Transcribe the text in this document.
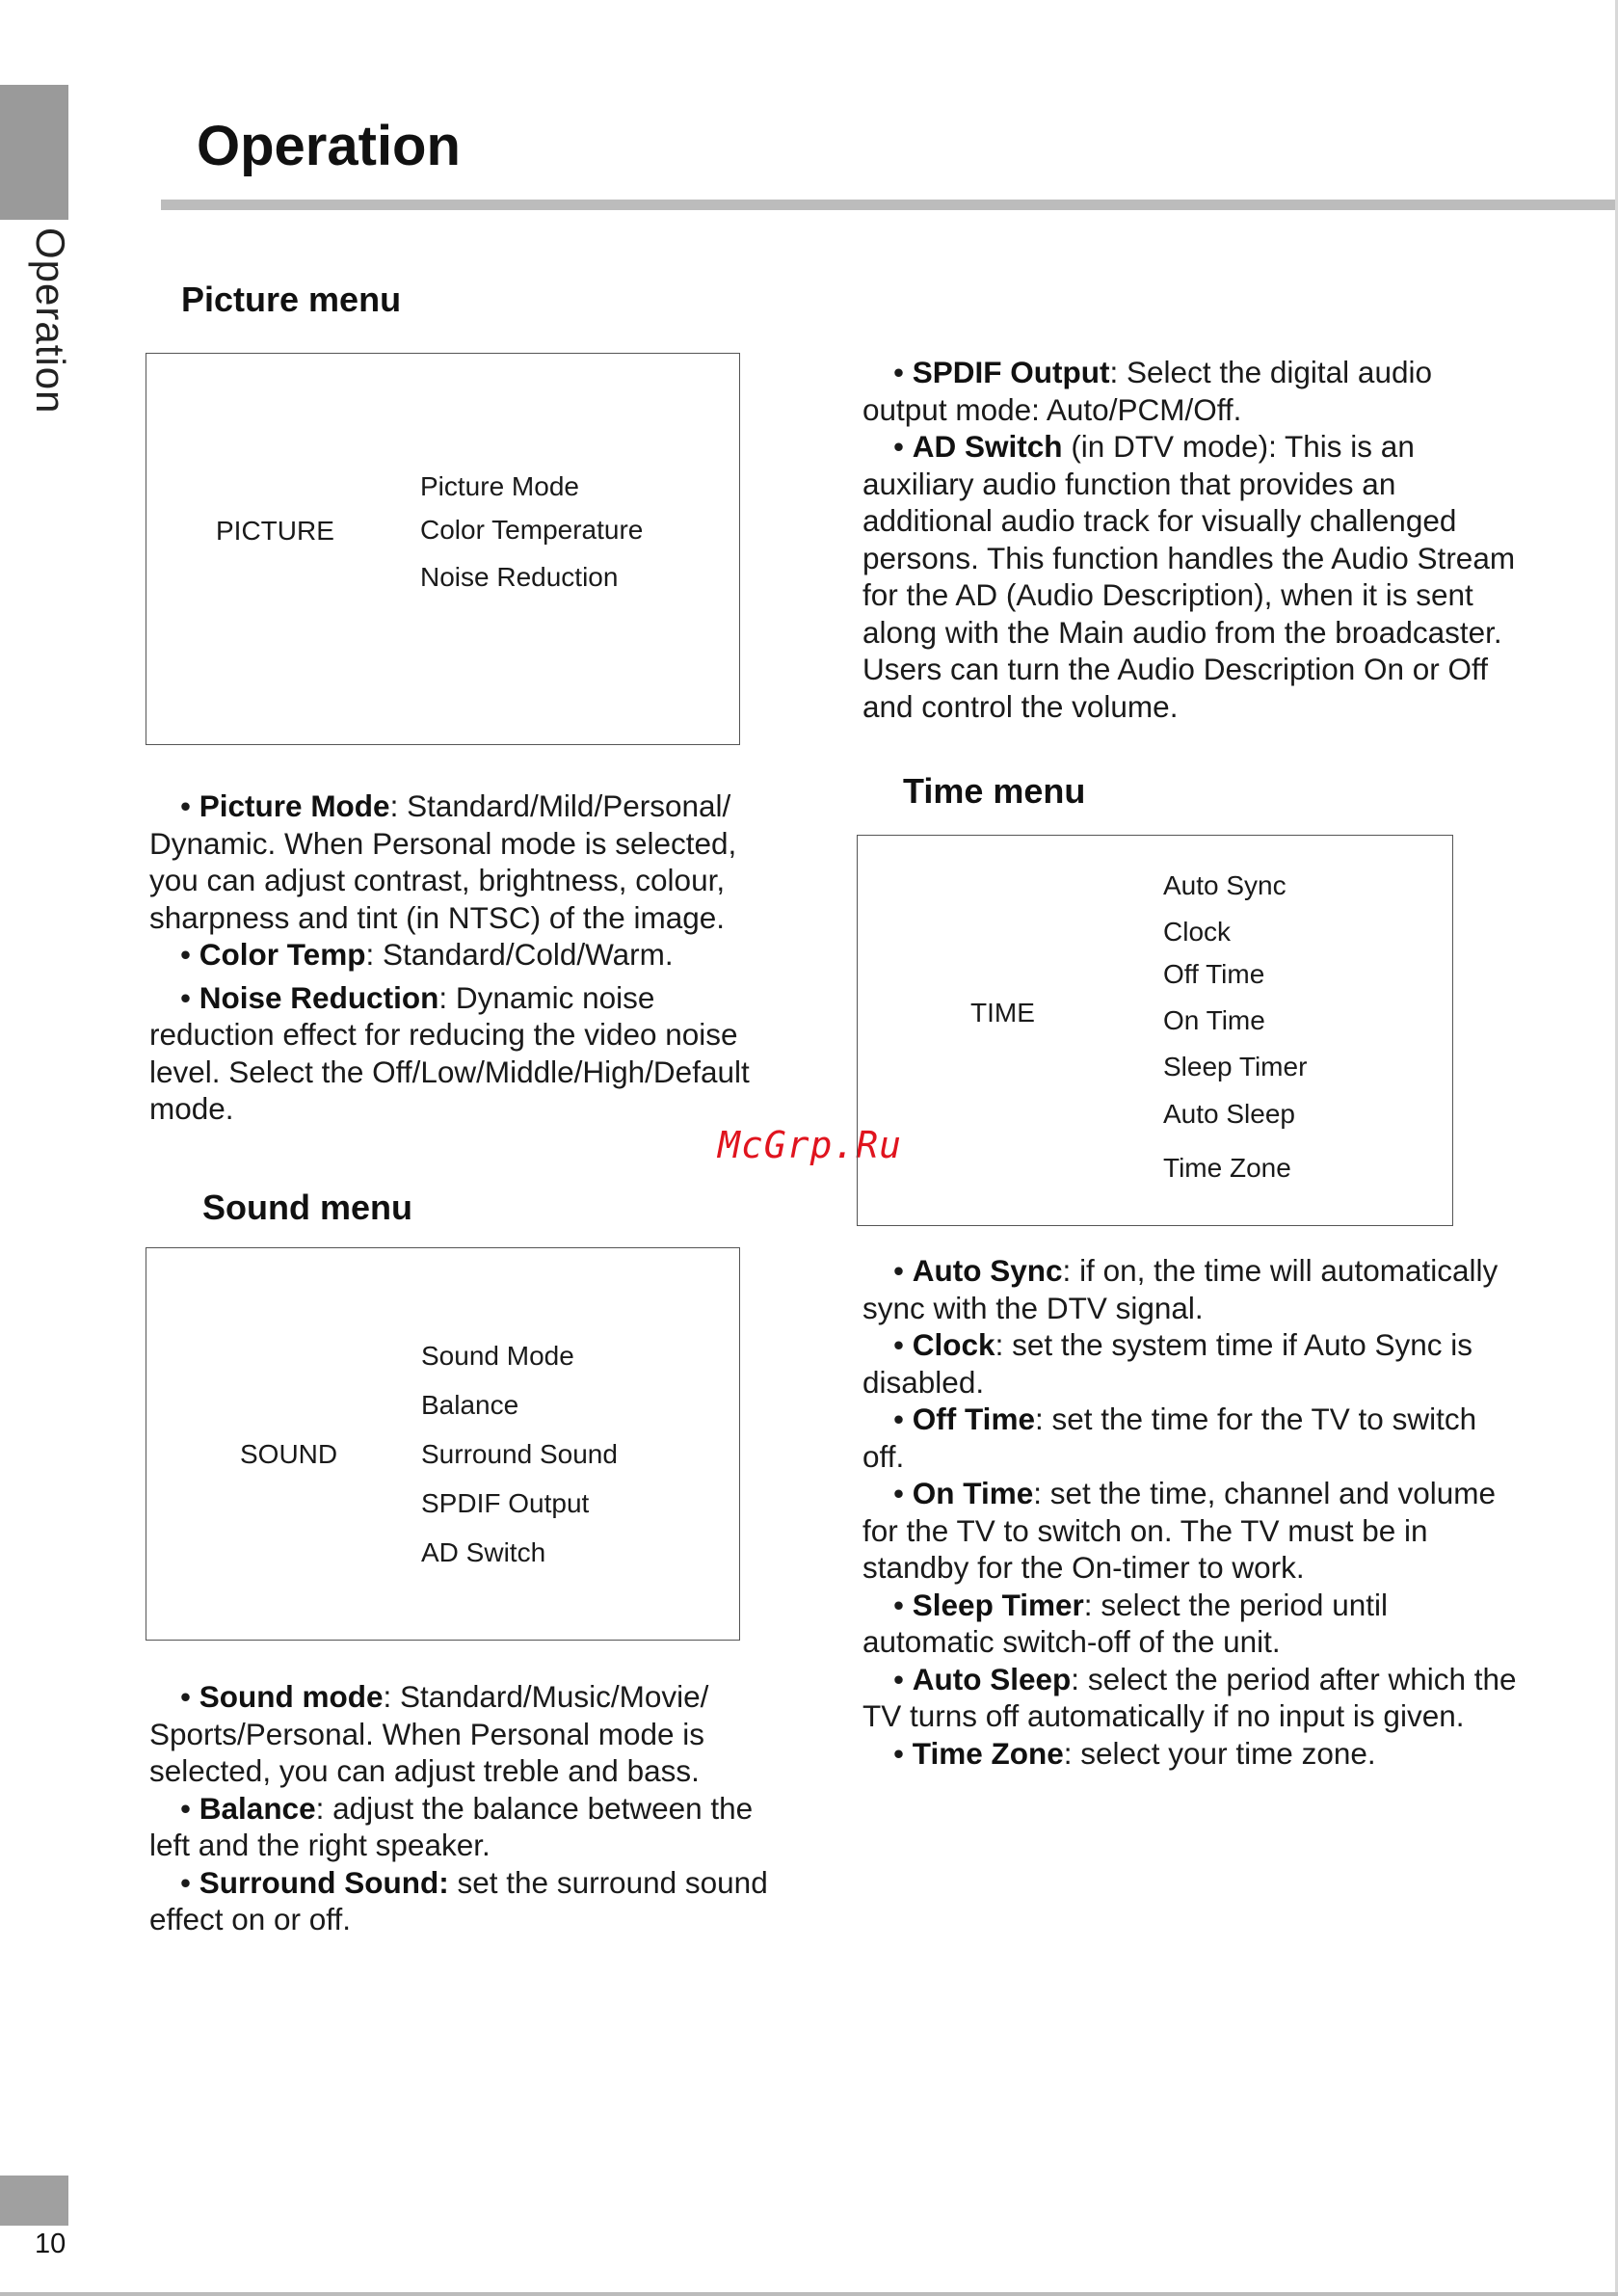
Operation
Operation
10
McGrp.Ru
Picture menu
PICTURE
Picture Mode
Color Temperature
Noise Reduction

• Picture Mode: Standard/Mild/Personal/ Dynamic. When Personal mode is selected, you can adjust contrast, brightness, colour, sharpness and tint (in NTSC) of the image.

• Color Temp: Standard/Cold/Warm.

• Noise Reduction: Dynamic noise reduction effect for reducing the video noise level. Select the Off/Low/Middle/High/Default mode.

Sound menu
SOUND
Sound Mode
Balance
Surround Sound
SPDIF Output
AD Switch

• Sound mode: Standard/Music/Movie/ Sports/Personal. When Personal mode is selected, you can adjust treble and bass.

• Balance: adjust the balance between the left and the right speaker.

• Surround Sound: set the surround sound effect on or off.

• SPDIF Output: Select the digital audio output mode: Auto/PCM/Off.

• AD Switch (in DTV mode): This is an auxiliary audio function that provides an additional audio track for visually challenged persons. This function handles the Audio Stream for the AD (Audio Description), when it is sent along with the Main audio from the broadcaster. Users can turn the Audio Description On or Off and control the volume.

Time menu
TIME
Auto Sync
Clock
Off Time
On Time
Sleep Timer
Auto Sleep
Time Zone

• Auto Sync: if on, the time will automatically sync with the DTV signal.

• Clock: set the system time if Auto Sync is disabled.

• Off Time: set the time for the TV to switch off.

• On Time: set the time, channel and volume for the TV to switch on. The TV must be in standby for the On-timer to work.

• Sleep Timer: select the period until automatic switch-off of the unit.

• Auto Sleep: select the period after which the TV turns off automatically if no input is given.

• Time Zone: select your time zone.
